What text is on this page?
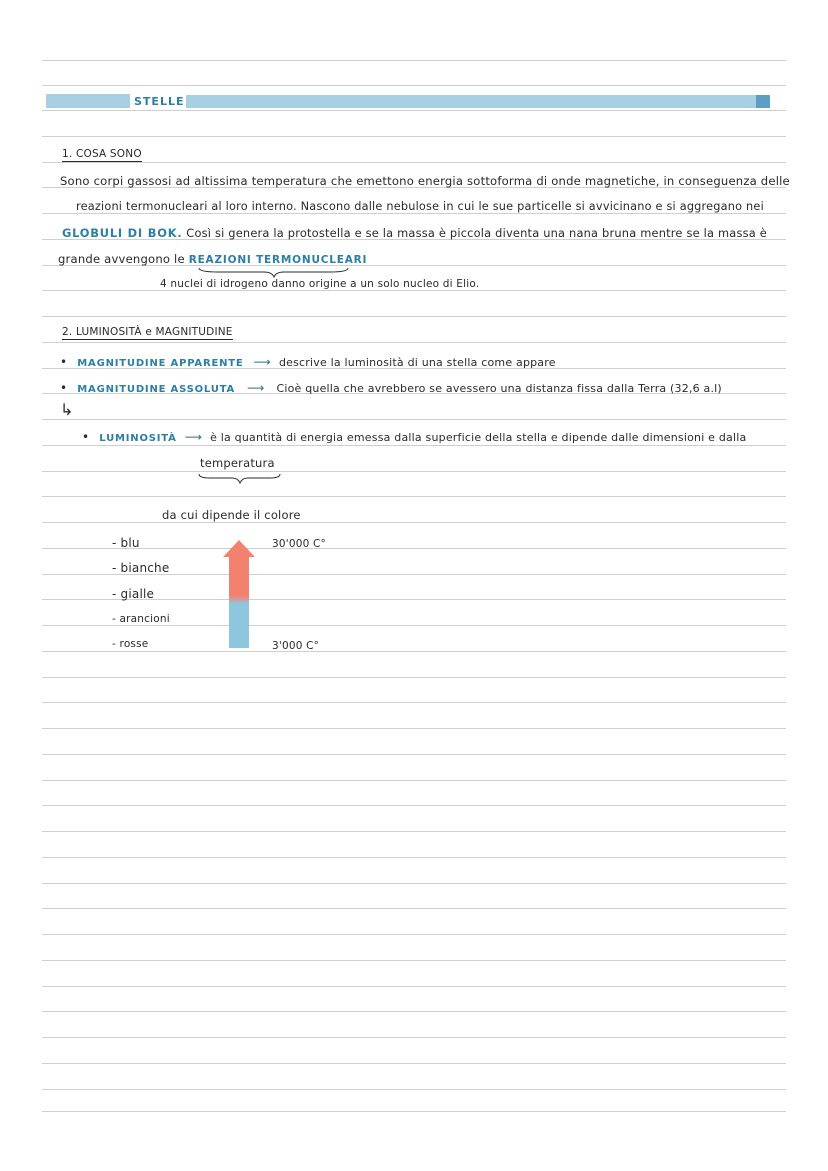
STELLE
1. COSA SONO
Sono corpi gassosi ad altissima temperatura che emettono energia sottoforma di onde magnetiche, in conseguenza delle
reazioni termonucleari al loro interno. Nascono dalle nebulose in cui le sue particelle si avvicinano e si aggregano nei
GLOBULI DI BOK. Così si genera la protostella e se la massa è piccola diventa una nana bruna mentre se la massa è
grande avvengono le REAZIONI TERMONUCLEARI
4 nuclei di idrogeno danno origine a un solo nucleo di Elio.
2. LUMINOSITÀ e MAGNITUDINE
• MAGNITUDINE APPARENTE ⟶ descrive la luminosità di una stella come appare
• MAGNITUDINE ASSOLUTA ⟶ Cioè quella che avrebbero se avessero una distanza fissa dalla Terra (32,6 a.l)
↳
• LUMINOSITÀ ⟶ è la quantità di energia emessa dalla superficie della stella e dipende dalle dimensioni e dalla
temperatura
da cui dipende il colore
- blu
- bianche
- gialle
- arancioni
- rosse
30'000 C°
3'000 C°
